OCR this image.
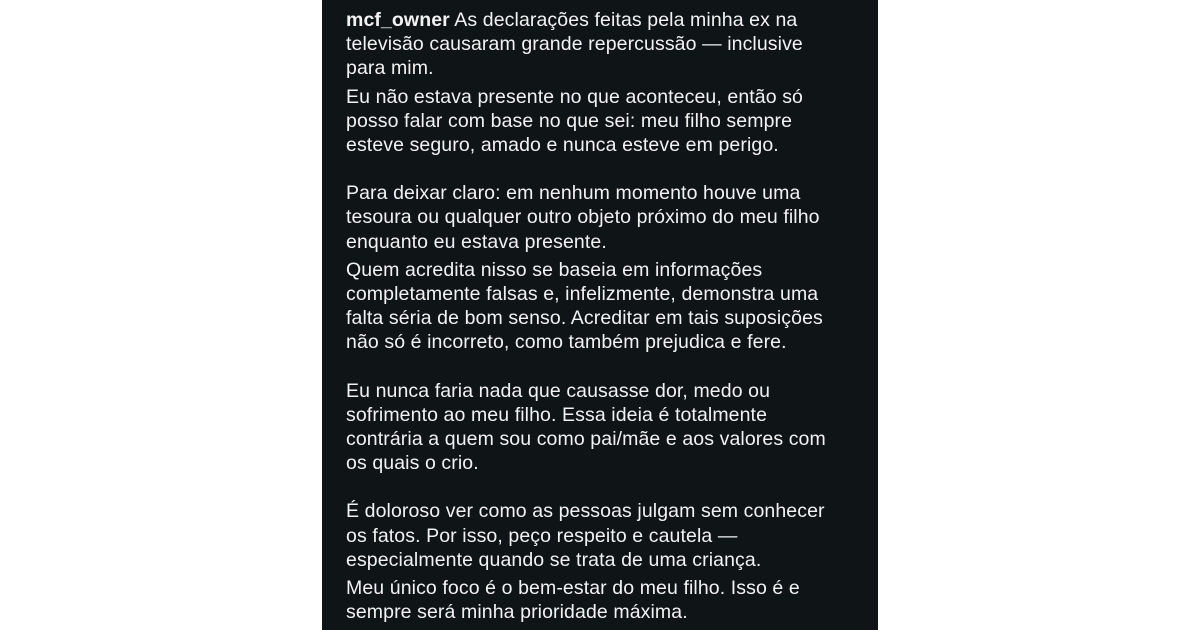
mcf_owner As declarações feitas pela minha ex na
televisão causaram grande repercussão — inclusive
para mim.

Eu não estava presente no que aconteceu, então só
posso falar com base no que sei: meu filho sempre
esteve seguro, amado e nunca esteve em perigo.

Para deixar claro: em nenhum momento houve uma
tesoura ou qualquer outro objeto próximo do meu filho
enquanto eu estava presente.

Quem acredita nisso se baseia em informações
completamente falsas e, infelizmente, demonstra uma
falta séria de bom senso. Acreditar em tais suposições
não só é incorreto, como também prejudica e fere.

Eu nunca faria nada que causasse dor, medo ou
sofrimento ao meu filho. Essa ideia é totalmente
contrária a quem sou como pai/mãe e aos valores com
os quais o crio.

É doloroso ver como as pessoas julgam sem conhecer
os fatos. Por isso, peço respeito e cautela —
especialmente quando se trata de uma criança.

Meu único foco é o bem-estar do meu filho. Isso é e
sempre será minha prioridade máxima.
